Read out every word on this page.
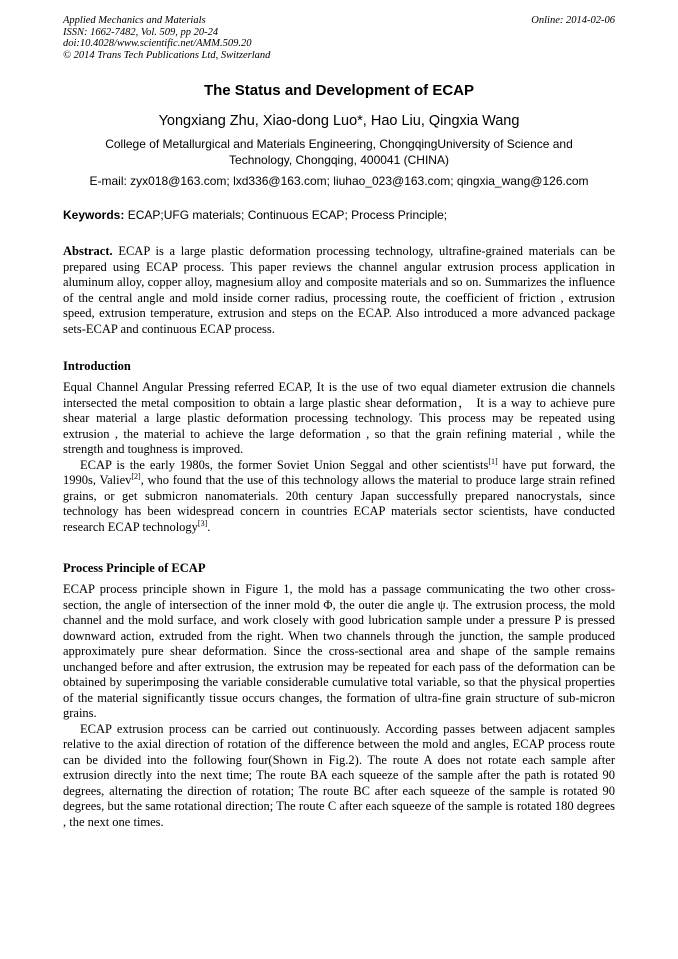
Applied Mechanics and Materials
ISSN: 1662-7482, Vol. 509, pp 20-24
doi:10.4028/www.scientific.net/AMM.509.20
© 2014 Trans Tech Publications Ltd, Switzerland
Online: 2014-02-06
The Status and Development of ECAP
Yongxiang Zhu, Xiao-dong Luo*, Hao Liu, Qingxia Wang
College of Metallurgical and Materials Engineering, ChongqingUniversity of Science and Technology, Chongqing, 400041 (CHINA)
E-mail: zyx018@163.com; lxd336@163.com; liuhao_023@163.com; qingxia_wang@126.com
Keywords: ECAP;UFG materials; Continuous ECAP; Process Principle;

Abstract. ECAP is a large plastic deformation processing technology, ultrafine-grained materials can be prepared using ECAP process. This paper reviews the channel angular extrusion process application in aluminum alloy, copper alloy, magnesium alloy and composite materials and so on. Summarizes the influence of the central angle and mold inside corner radius, processing route, the coefficient of friction , extrusion speed, extrusion temperature, extrusion and steps on the ECAP. Also introduced a more advanced package sets-ECAP and continuous ECAP process.

Introduction

Equal Channel Angular Pressing referred ECAP, It is the use of two equal diameter extrusion die channels intersected the metal composition to obtain a large plastic shear deformation， It is a way to achieve pure shear material a large plastic deformation processing technology. This process may be repeated using extrusion , the material to achieve the large deformation , so that the grain refining material , while the strength and toughness is improved.

ECAP is the early 1980s, the former Soviet Union Seggal and other scientists[1] have put forward, the 1990s, Valiev[2], who found that the use of this technology allows the material to produce large strain refined grains, or get submicron nanomaterials. 20th century Japan successfully prepared nanocrystals, since technology has been widespread concern in countries ECAP materials sector scientists, have conducted research ECAP technology[3].

Process Principle of ECAP

ECAP process principle shown in Figure 1, the mold has a passage communicating the two other cross-section, the angle of intersection of the inner mold Φ, the outer die angle ψ. The extrusion process, the mold channel and the mold surface, and work closely with good lubrication sample under a pressure P is pressed downward action, extruded from the right. When two channels through the junction, the sample produced approximately pure shear deformation. Since the cross-sectional area and shape of the sample remains unchanged before and after extrusion, the extrusion may be repeated for each pass of the deformation can be obtained by superimposing the variable considerable cumulative total variable, so that the physical properties of the material significantly tissue occurs changes, the formation of ultra-fine grain structure of sub-micron grains.

ECAP extrusion process can be carried out continuously. According passes between adjacent samples relative to the axial direction of rotation of the difference between the mold and angles, ECAP process route can be divided into the following four(Shown in Fig.2). The route A does not rotate each sample after extrusion directly into the next time; The route BA each squeeze of the sample after the path is rotated 90 degrees, alternating the direction of rotation; The route BC after each squeeze of the sample is rotated 90 degrees, but the same rotational direction; The route C after each squeeze of the sample is rotated 180 degrees , the next one times.
